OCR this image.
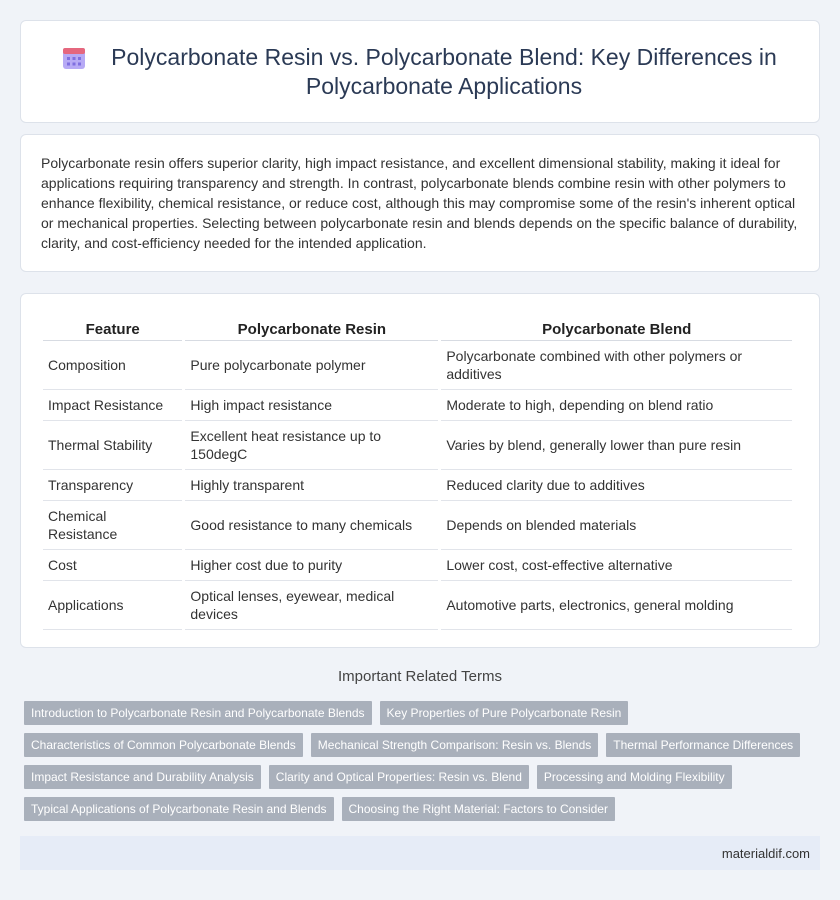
Polycarbonate Resin vs. Polycarbonate Blend: Key Differences in Polycarbonate Applications

Polycarbonate resin offers superior clarity, high impact resistance, and excellent dimensional stability, making it ideal for applications requiring transparency and strength. In contrast, polycarbonate blends combine resin with other polymers to enhance flexibility, chemical resistance, or reduce cost, although this may compromise some of the resin's inherent optical or mechanical properties. Selecting between polycarbonate resin and blends depends on the specific balance of durability, clarity, and cost-efficiency needed for the intended application.

Feature	Polycarbonate Resin	Polycarbonate Blend
Composition	Pure polycarbonate polymer	Polycarbonate combined with other polymers or additives
Impact Resistance	High impact resistance	Moderate to high, depending on blend ratio
Thermal Stability	Excellent heat resistance up to 150degC	Varies by blend, generally lower than pure resin
Transparency	Highly transparent	Reduced clarity due to additives
Chemical Resistance	Good resistance to many chemicals	Depends on blended materials
Cost	Higher cost due to purity	Lower cost, cost-effective alternative
Applications	Optical lenses, eyewear, medical devices	Automotive parts, electronics, general molding
Important Related Terms
Introduction to Polycarbonate Resin and Polycarbonate Blends	Key Properties of Pure Polycarbonate Resin
Characteristics of Common Polycarbonate Blends	Mechanical Strength Comparison: Resin vs. Blends	Thermal Performance Differences
Impact Resistance and Durability Analysis	Clarity and Optical Properties: Resin vs. Blend	Processing and Molding Flexibility
Typical Applications of Polycarbonate Resin and Blends	Choosing the Right Material: Factors to Consider
materialdif.com
